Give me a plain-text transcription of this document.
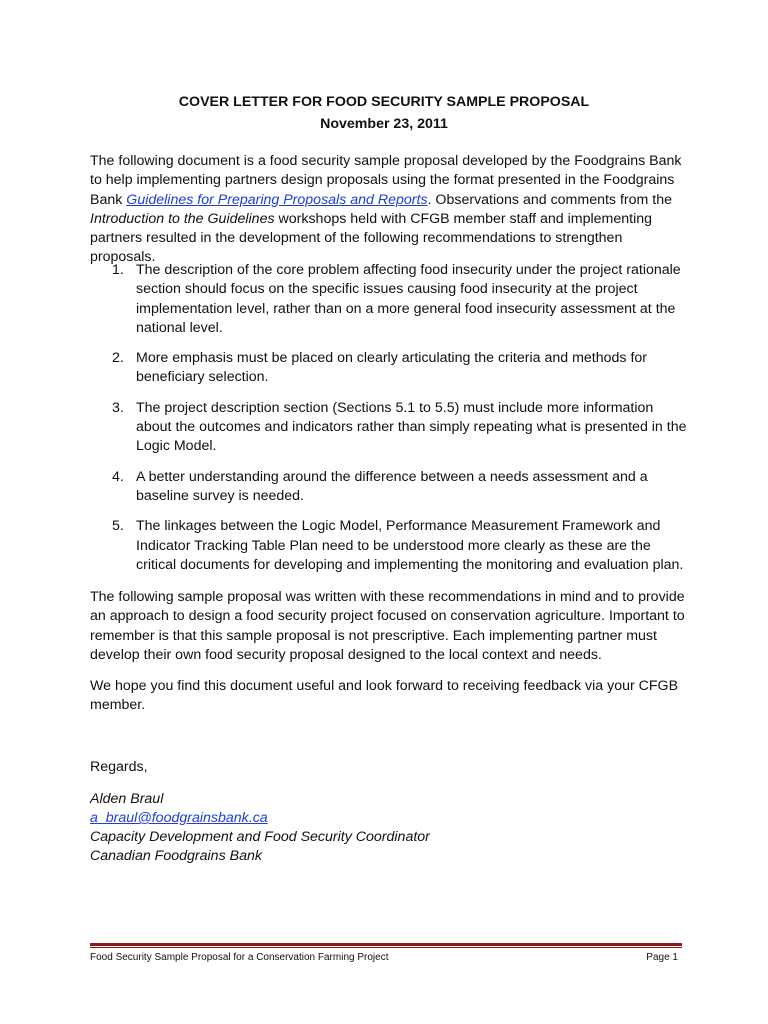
COVER LETTER FOR FOOD SECURITY SAMPLE PROPOSAL
November 23, 2011

The following document is a food security sample proposal developed by the Foodgrains Bank to help implementing partners design proposals using the format presented in the Foodgrains Bank Guidelines for Preparing Proposals and Reports. Observations and comments from the Introduction to the Guidelines workshops held with CFGB member staff and implementing partners resulted in the development of the following recommendations to strengthen proposals.

1. The description of the core problem affecting food insecurity under the project rationale section should focus on the specific issues causing food insecurity at the project implementation level, rather than on a more general food insecurity assessment at the national level.
2. More emphasis must be placed on clearly articulating the criteria and methods for beneficiary selection.
3. The project description section (Sections 5.1 to 5.5) must include more information about the outcomes and indicators rather than simply repeating what is presented in the Logic Model.
4. A better understanding around the difference between a needs assessment and a baseline survey is needed.
5. The linkages between the Logic Model, Performance Measurement Framework and Indicator Tracking Table Plan need to be understood more clearly as these are the critical documents for developing and implementing the monitoring and evaluation plan.

The following sample proposal was written with these recommendations in mind and to provide an approach to design a food security project focused on conservation agriculture. Important to remember is that this sample proposal is not prescriptive. Each implementing partner must develop their own food security proposal designed to the local context and needs.

We hope you find this document useful and look forward to receiving feedback via your CFGB member.

Regards,

Alden Braul
a_braul@foodgrainsbank.ca
Capacity Development and Food Security Coordinator
Canadian Foodgrains Bank
Food Security Sample Proposal for a Conservation Farming Project	Page 1
